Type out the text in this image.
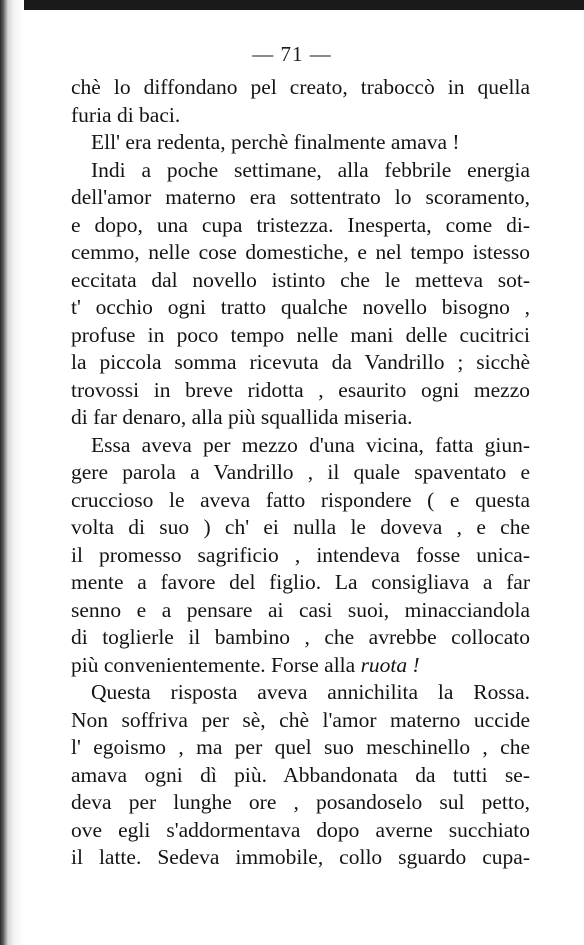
— 71 —
chè lo diffondano pel creato, traboccò in quella
furia di baci.
Ell' era redenta, perchè finalmente amava !
Indi a poche settimane, alla febbrile energia
dell'amor materno era sottentrato lo scoramento,
e dopo, una cupa tristezza. Inesperta, come di-
cemmo, nelle cose domestiche, e nel tempo istesso
eccitata dal novello istinto che le metteva sot-
t' occhio ogni tratto qualche novello bisogno ,
profuse in poco tempo nelle mani delle cucitrici
la piccola somma ricevuta da Vandrillo ; sicchè
trovossi in breve ridotta , esaurito ogni mezzo
di far denaro, alla più squallida miseria.
Essa aveva per mezzo d'una vicina, fatta giun-
gere parola a Vandrillo , il quale spaventato e
cruccioso le aveva fatto rispondere ( e questa
volta di suo ) ch' ei nulla le doveva , e che
il promesso sagrificio , intendeva fosse unica-
mente a favore del figlio. La consigliava a far
senno e a pensare ai casi suoi, minacciandola
di toglierle il bambino , che avrebbe collocato
più convenientemente. Forse alla ruota !
Questa risposta aveva annichilita la Rossa.
Non soffriva per sè, chè l'amor materno uccide
l' egoismo , ma per quel suo meschinello , che
amava ogni dì più. Abbandonata da tutti se-
deva per lunghe ore , posandoselo sul petto,
ove egli s'addormentava dopo averne succhiato
il latte. Sedeva immobile, collo sguardo cupa-
